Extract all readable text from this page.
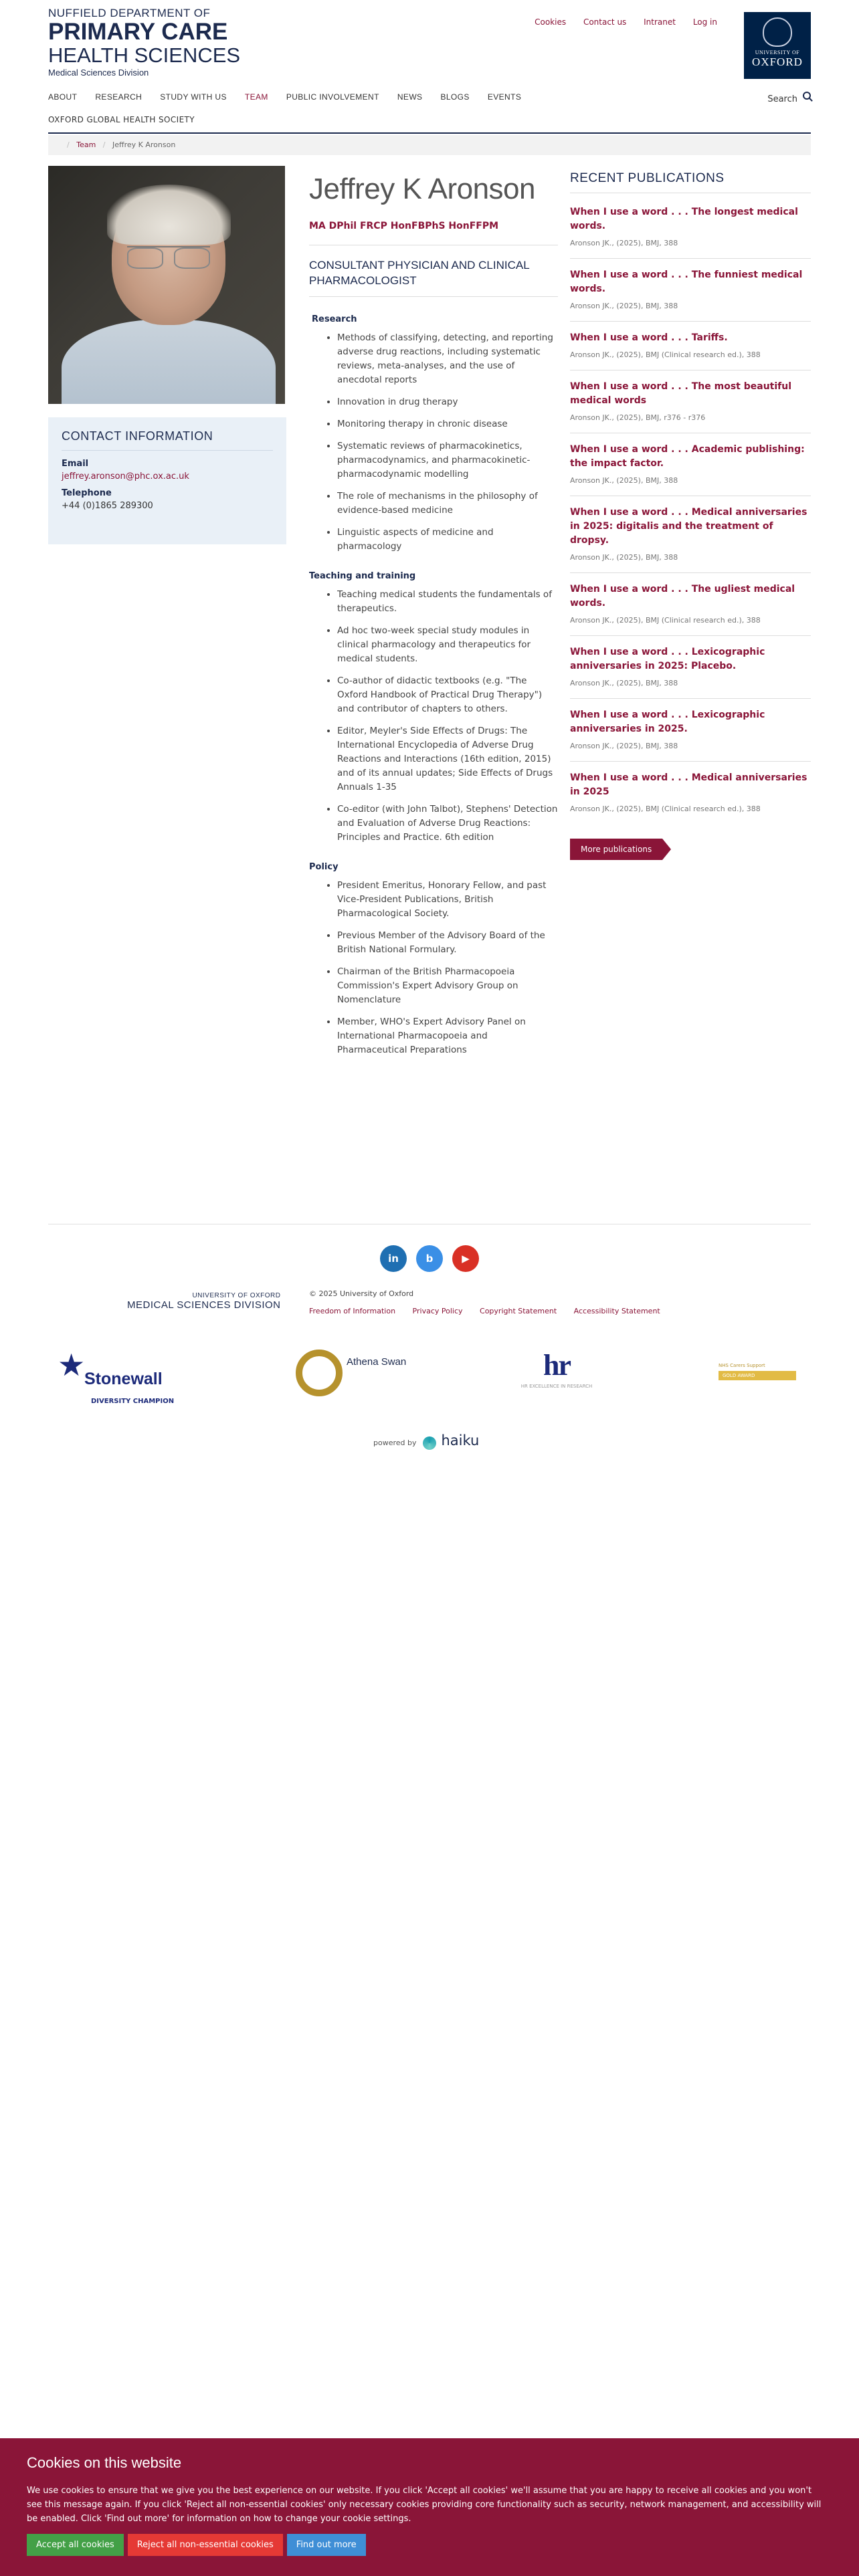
NUFFIELD DEPARTMENT OF
PRIMARY CARE
HEALTH SCIENCES
Medical Sciences Division
Cookies Contact us Intranet Log in
UNIVERSITY OF
OXFORD
ABOUT RESEARCH STUDY WITH US TEAM PUBLIC INVOLVEMENT NEWS BLOGS EVENTS
OXFORD GLOBAL HEALTH SOCIETY
Search
/ Team / Jeffrey K Aronson
CONTACT INFORMATION
Email
jeffrey.aronson@phc.ox.ac.uk
Telephone
+44 (0)1865 289300
Jeffrey K Aronson
MA DPhil FRCP HonFBPhS HonFFPM
CONSULTANT PHYSICIAN AND CLINICAL PHARMACOLOGIST
Research
• Methods of classifying, detecting, and reporting adverse drug reactions, including systematic reviews, meta-analyses, and the use of anecdotal reports
• Innovation in drug therapy
• Monitoring therapy in chronic disease
• Systematic reviews of pharmacokinetics, pharmacodynamics, and pharmacokinetic-pharmacodynamic modelling
• The role of mechanisms in the philosophy of evidence-based medicine
• Linguistic aspects of medicine and pharmacology
Teaching and training
• Teaching medical students the fundamentals of therapeutics.
• Ad hoc two-week special study modules in clinical pharmacology and therapeutics for medical students.
• Co-author of didactic textbooks (e.g. "The Oxford Handbook of Practical Drug Therapy") and contributor of chapters to others.
• Editor, Meyler's Side Effects of Drugs: The International Encyclopedia of Adverse Drug Reactions and Interactions (16th edition, 2015) and of its annual updates; Side Effects of Drugs Annuals 1-35
• Co-editor (with John Talbot), Stephens' Detection and Evaluation of Adverse Drug Reactions: Principles and Practice. 6th edition
Policy
• President Emeritus, Honorary Fellow, and past Vice-President Publications, British Pharmacological Society.
• Previous Member of the Advisory Board of the British National Formulary.
• Chairman of the British Pharmacopoeia Commission's Expert Advisory Group on Nomenclature
• Member, WHO's Expert Advisory Panel on International Pharmacopoeia and Pharmaceutical Preparations
RECENT PUBLICATIONS
When I use a word . . . The longest medical words.
Aronson JK., (2025), BMJ, 388
When I use a word . . . The funniest medical words.
Aronson JK., (2025), BMJ, 388
When I use a word . . . Tariffs.
Aronson JK., (2025), BMJ (Clinical research ed.), 388
When I use a word . . . The most beautiful medical words
Aronson JK., (2025), BMJ, r376 - r376
When I use a word . . . Academic publishing: the impact factor.
Aronson JK., (2025), BMJ, 388
When I use a word . . . Medical anniversaries in 2025: digitalis and the treatment of dropsy.
Aronson JK., (2025), BMJ, 388
When I use a word . . . The ugliest medical words.
Aronson JK., (2025), BMJ (Clinical research ed.), 388
When I use a word . . . Lexicographic anniversaries in 2025: Placebo.
Aronson JK., (2025), BMJ, 388
When I use a word . . . Lexicographic anniversaries in 2025.
Aronson JK., (2025), BMJ, 388
When I use a word . . . Medical anniversaries in 2025
Aronson JK., (2025), BMJ (Clinical research ed.), 388
More publications
in	b	▶
UNIVERSITY OF OXFORD
MEDICAL SCIENCES DIVISION
© 2025 University of Oxford
Freedom of Information Privacy Policy Copyright Statement Accessibility Statement
★
Stonewall
DIVERSITY CHAMPION
Athena Swan	hr
HR EXCELLENCE IN RESEARCH
NHS Carers Support
GOLD AWARD
powered by haiku
Cookies on this website

We use cookies to ensure that we give you the best experience on our website. If you click 'Accept all cookies' we'll assume that you are happy to receive all cookies and you won't see this message again. If you click 'Reject all non-essential cookies' only necessary cookies providing core functionality such as security, network management, and accessibility will be enabled. Click 'Find out more' for information on how to change your cookie settings.

Accept all cookies	Reject all non-essential cookies	Find out more
